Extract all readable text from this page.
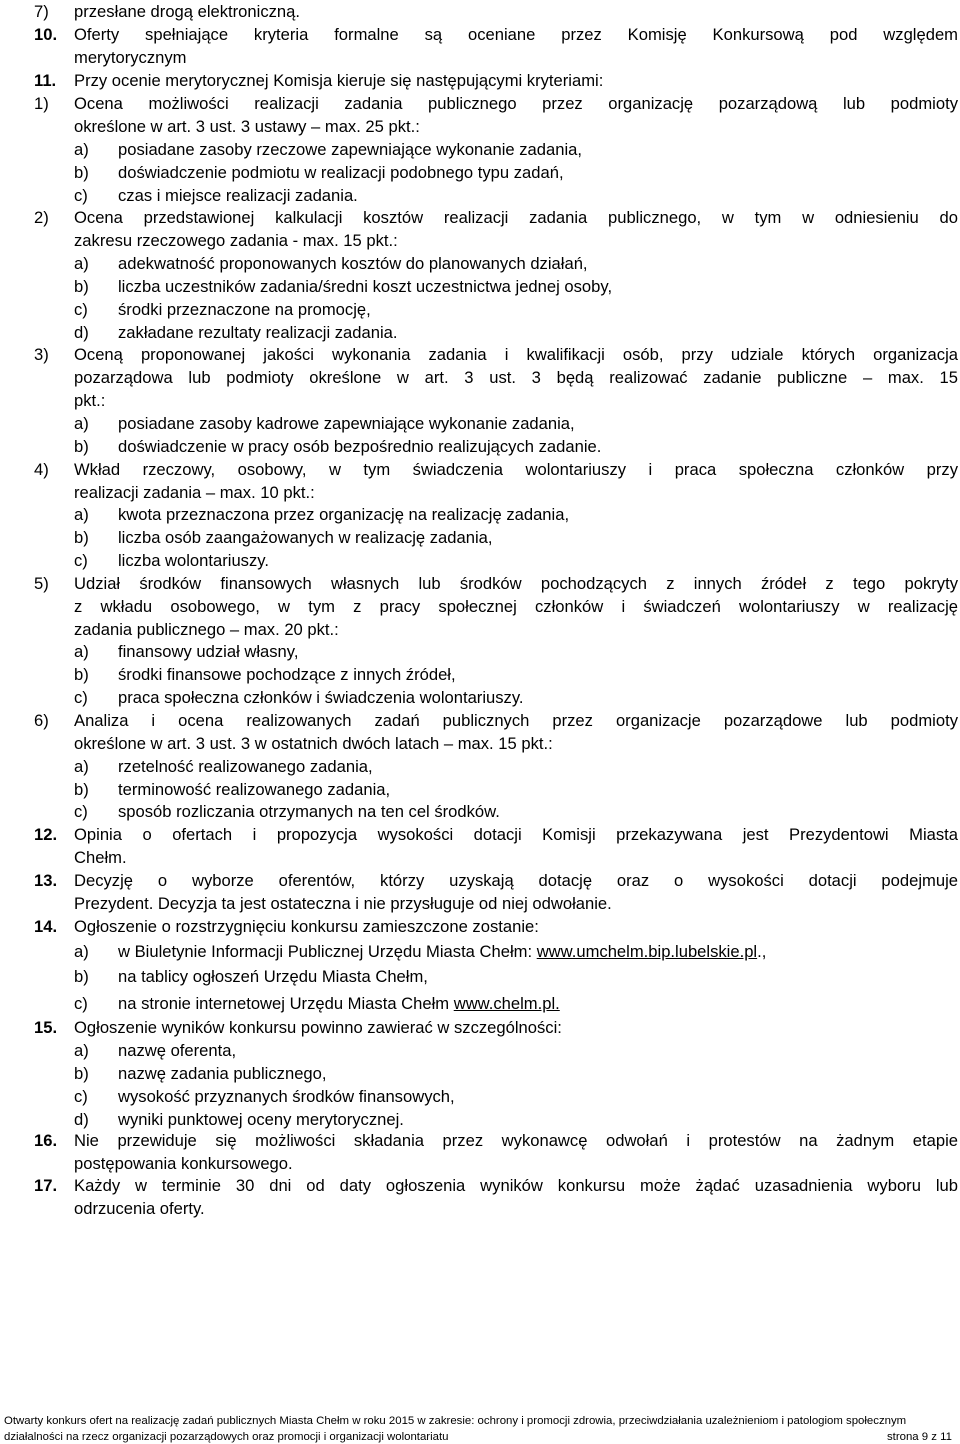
7) przesłane drogą elektroniczną.
10. Oferty spełniające kryteria formalne są oceniane przez Komisję Konkursową pod względem
merytorycznym
11. Przy ocenie merytorycznej Komisja kieruje się następującymi kryteriami:
1) Ocena możliwości realizacji zadania publicznego przez organizację pozarządową lub podmioty
określone w art. 3 ust. 3 ustawy – max. 25 pkt.:
a) posiadane zasoby rzeczowe zapewniające wykonanie zadania,
b) doświadczenie podmiotu w realizacji podobnego typu zadań,
c) czas i miejsce realizacji zadania.
2) Ocena przedstawionej kalkulacji kosztów realizacji zadania publicznego, w tym w odniesieniu do
zakresu rzeczowego zadania - max. 15 pkt.:
a) adekwatność proponowanych kosztów do planowanych działań,
b) liczba uczestników zadania/średni koszt uczestnictwa jednej osoby,
c) środki przeznaczone na promocję,
d) zakładane rezultaty realizacji zadania.
3) Oceną proponowanej jakości wykonania zadania i kwalifikacji osób, przy udziale których organizacja
pozarządowa lub podmioty określone w art. 3 ust. 3 będą realizować zadanie publiczne – max. 15
pkt.:
a) posiadane zasoby kadrowe zapewniające wykonanie zadania,
b) doświadczenie w pracy osób bezpośrednio realizujących zadanie.
4) Wkład rzeczowy, osobowy, w tym świadczenia wolontariuszy i praca społeczna członków przy
realizacji zadania – max. 10 pkt.:
a) kwota przeznaczona przez organizację na realizację zadania,
b) liczba osób zaangażowanych w realizację zadania,
c) liczba wolontariuszy.
5) Udział środków finansowych własnych lub środków pochodzących z innych źródeł z tego pokryty
z wkładu osobowego, w tym z pracy społecznej członków i świadczeń wolontariuszy w realizację
zadania publicznego – max. 20 pkt.:
a) finansowy udział własny,
b) środki finansowe pochodzące z innych źródeł,
c) praca społeczna członków i świadczenia wolontariuszy.
6) Analiza i ocena realizowanych zadań publicznych przez organizacje pozarządowe lub podmioty
określone w art. 3 ust. 3 w ostatnich dwóch latach – max. 15 pkt.:
a) rzetelność realizowanego zadania,
b) terminowość realizowanego zadania,
c) sposób rozliczania otrzymanych na ten cel środków.
12. Opinia o ofertach i propozycja wysokości dotacji Komisji przekazywana jest Prezydentowi Miasta
Chełm.
13. Decyzję o wyborze oferentów, którzy uzyskają dotację oraz o wysokości dotacji podejmuje
Prezydent. Decyzja ta jest ostateczna i nie przysługuje od niej odwołanie.
14. Ogłoszenie o rozstrzygnięciu konkursu zamieszczone zostanie:
a) w Biuletynie Informacji Publicznej Urzędu Miasta Chełm: www.umchelm.bip.lubelskie.pl.,
b) na tablicy ogłoszeń Urzędu Miasta Chełm,
c) na stronie internetowej Urzędu Miasta Chełm www.chelm.pl.
15. Ogłoszenie wyników konkursu powinno zawierać w szczególności:
a) nazwę oferenta,
b) nazwę zadania publicznego,
c) wysokość przyznanych środków finansowych,
d) wyniki punktowej oceny merytorycznej.
16. Nie przewiduje się możliwości składania przez wykonawcę odwołań i protestów na żadnym etapie
postępowania konkursowego.
17. Każdy w terminie 30 dni od daty ogłoszenia wyników konkursu może żądać uzasadnienia wyboru lub
odrzucenia oferty.
Otwarty konkurs ofert na realizację zadań publicznych Miasta Chełm w roku 2015 w zakresie: ochrony i promocji zdrowia, przeciwdziałania uzależnieniom i patologiom społecznym
działalności na rzecz organizacji pozarządowych oraz promocji i organizacji wolontariatu	strona 9 z 11
